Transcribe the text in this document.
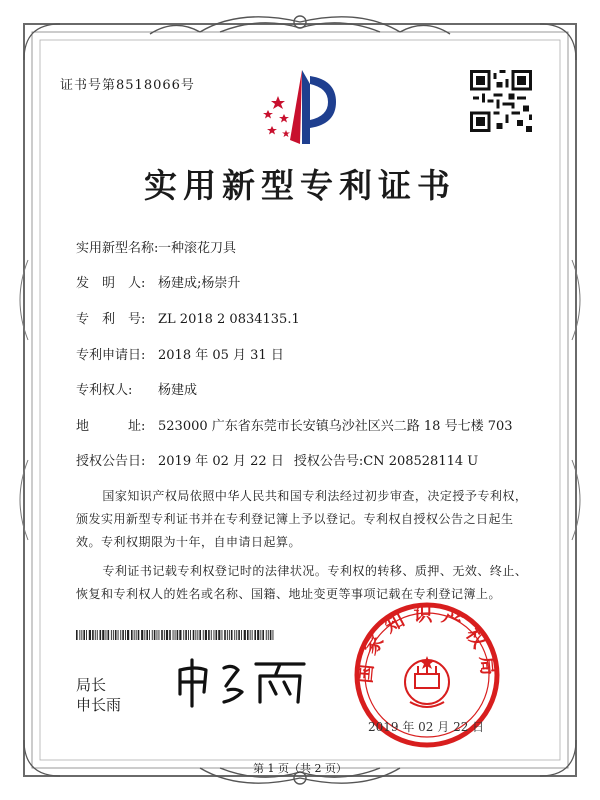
证书号第8518066号
实用新型专利证书
实用新型名称:一种滚花刀具
发　明　人: 杨建成;杨崇升
专　利　号: ZL 2018 2 0834135.1
专利申请日: 2018 年 05 月 31 日
专利权人: 杨建成
地　　　址: 523000 广东省东莞市长安镇乌沙社区兴二路 18 号七楼 703
授权公告日: 2019 年 02 月 22 日 授权公告号:CN 208528114 U

国家知识产权局依照中华人民共和国专利法经过初步审查，决定授予专利权，颁发实用新型专利证书并在专利登记簿上予以登记。专利权自授权公告之日起生效。专利权期限为十年，自申请日起算。

专利证书记载专利权登记时的法律状况。专利权的转移、质押、无效、终止、恢复和专利权人的姓名或名称、国籍、地址变更等事项记载在专利登记簿上。

局长
申长雨
国家知识产权局
2019 年 02 月 22 日
第 1 页（共 2 页）
